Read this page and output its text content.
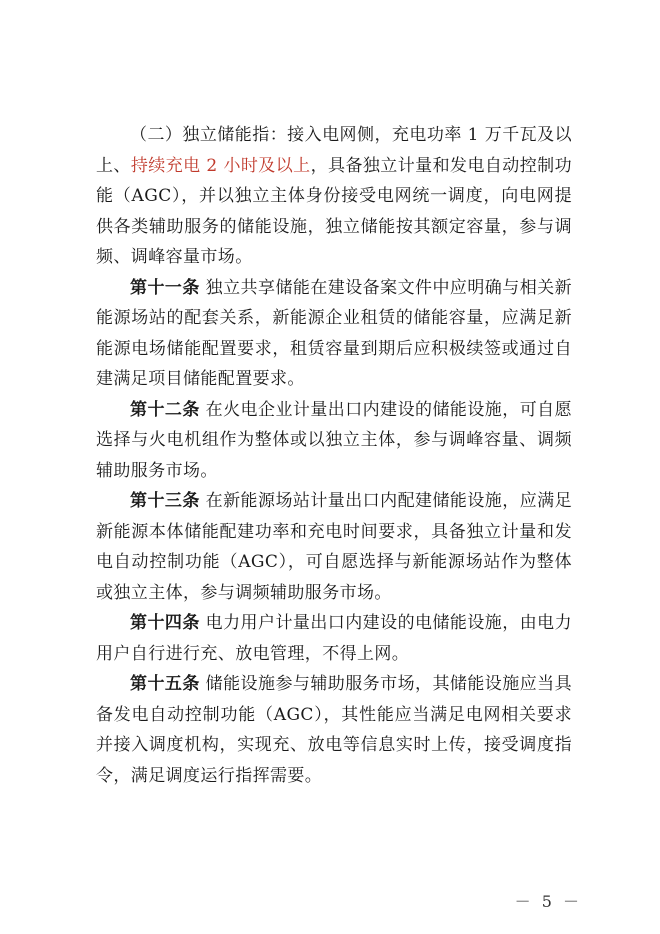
（二）独立储能指：接入电网侧，充电功率 1 万千瓦及以上、持续充电 2 小时及以上，具备独立计量和发电自动控制功能（AGC），并以独立主体身份接受电网统一调度，向电网提供各类辅助服务的储能设施，独立储能按其额定容量，参与调频、调峰容量市场。

第十一条 独立共享储能在建设备案文件中应明确与相关新能源场站的配套关系，新能源企业租赁的储能容量，应满足新能源电场储能配置要求，租赁容量到期后应积极续签或通过自建满足项目储能配置要求。

第十二条 在火电企业计量出口内建设的储能设施，可自愿选择与火电机组作为整体或以独立主体，参与调峰容量、调频辅助服务市场。

第十三条 在新能源场站计量出口内配建储能设施，应满足新能源本体储能配建功率和充电时间要求，具备独立计量和发电自动控制功能（AGC），可自愿选择与新能源场站作为整体或独立主体，参与调频辅助服务市场。

第十四条 电力用户计量出口内建设的电储能设施，由电力用户自行进行充、放电管理，不得上网。

第十五条 储能设施参与辅助服务市场，其储能设施应当具备发电自动控制功能（AGC），其性能应当满足电网相关要求并接入调度机构，实现充、放电等信息实时上传，接受调度指令，满足调度运行指挥需要。

－ 5 －
